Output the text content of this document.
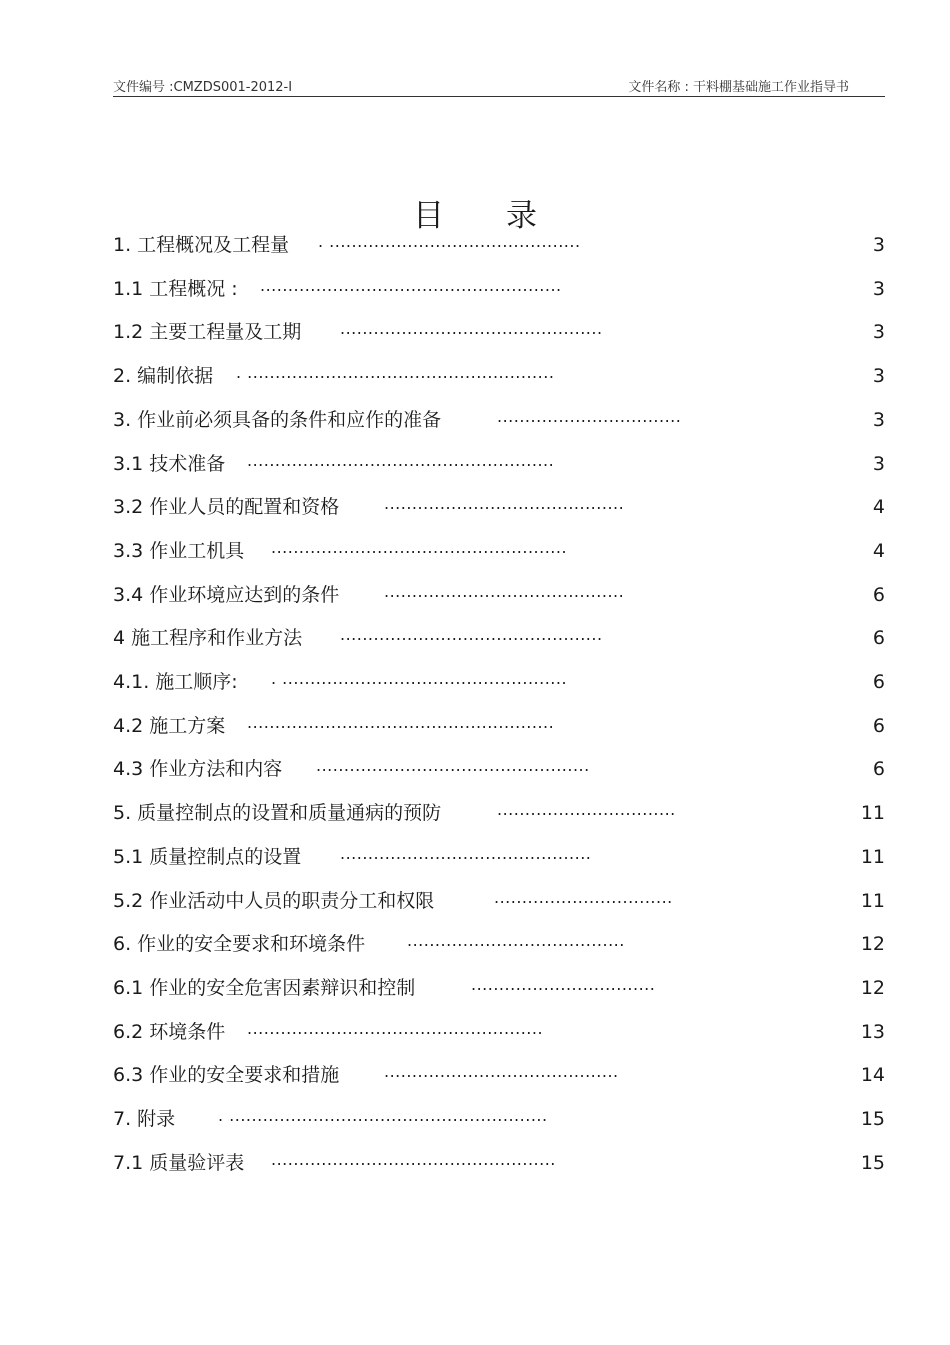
文件编号 :CMZDS001-2012-I	文件名称 : 干料棚基础施工作业指导书
目录
1. 工程概况及工程量 . .............................................	3
1.1 工程概况 : ......................................................	3
1.2 主要工程量及工期 ...............................................	3
2. 编制依据 . .......................................................	3
3. 作业前必须具备的条件和应作的准备	.................................	3
3.1 技术准备 .......................................................	3
3.2 作业人员的配置和资格	...........................................	4
3.3 作业工机具 .....................................................	4
3.4 作业环境应达到的条件	...........................................	6
4 施工程序和作业方法 ...............................................	6
4.1. 施工顺序: . ...................................................	6
4.2 施工方案 .......................................................	6
4.3 作业方法和内容 .................................................	6
5. 质量控制点的设置和质量通病的预防	................................	11
5.1 质量控制点的设置 .............................................	11
5.2 作业活动中人员的职责分工和权限	................................	11
6. 作业的安全要求和环境条件	.......................................	12
6.1 作业的安全危害因素辩识和控制	.................................	12
6.2 环境条件 .....................................................	13
6.3 作业的安全要求和措施	..........................................	14
7. 附录	. .........................................................	15
7.1 质量验评表 ...................................................	15
